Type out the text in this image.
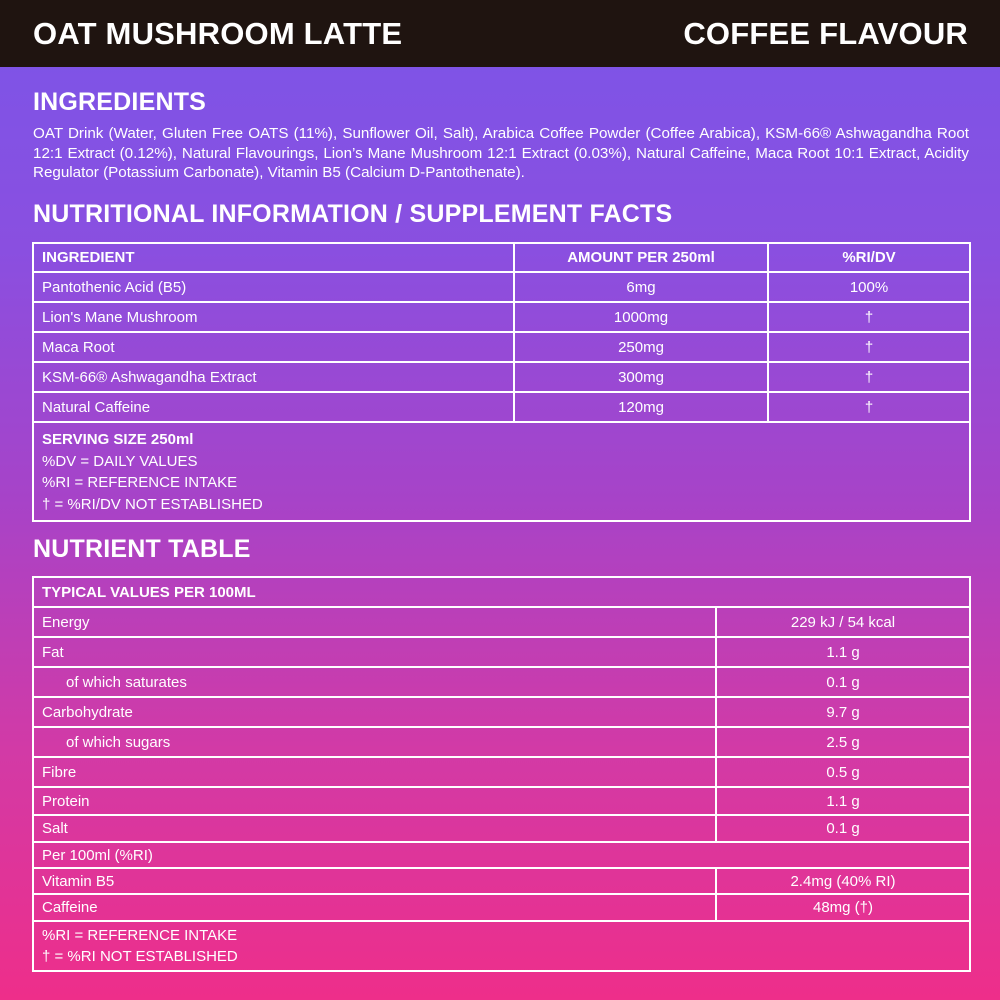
OAT MUSHROOM LATTE	COFFEE FLAVOUR
INGREDIENTS

OAT Drink (Water, Gluten Free OATS (11%), Sunflower Oil, Salt), Arabica Coffee Powder (Coffee Arabica), KSM-66® Ashwagandha Root 12:1 Extract (0.12%), Natural Flavourings, Lion’s Mane Mushroom 12:1 Extract (0.03%), Natural Caffeine, Maca Root 10:1 Extract, Acidity Regulator (Potassium Carbonate), Vitamin B5 (Calcium D-Pantothenate).

NUTRITIONAL INFORMATION / SUPPLEMENT FACTS
INGREDIENT	AMOUNT PER 250ml	%RI/DV
Pantothenic Acid (B5)	6mg	100%
Lion's Mane Mushroom	1000mg	†
Maca Root	250mg	†
KSM-66® Ashwagandha Extract	300mg	†
Natural Caffeine	120mg	†

SERVING SIZE 250ml
%DV = DAILY VALUES
%RI = REFERENCE INTAKE
† = %RI/DV NOT ESTABLISHED		
NUTRIENT TABLE
TYPICAL VALUES PER 100ML	
Energy	229 kJ / 54 kcal
Fat	1.1 g
of which saturates	0.1 g
Carbohydrate	9.7 g
of which sugars	2.5 g
Fibre	0.5 g
Protein	1.1 g
Salt	0.1 g
Per 100ml (%RI)	
Vitamin B5	2.4mg (40% RI)
Caffeine	48mg (†)

%RI = REFERENCE INTAKE
† = %RI NOT ESTABLISHED	
